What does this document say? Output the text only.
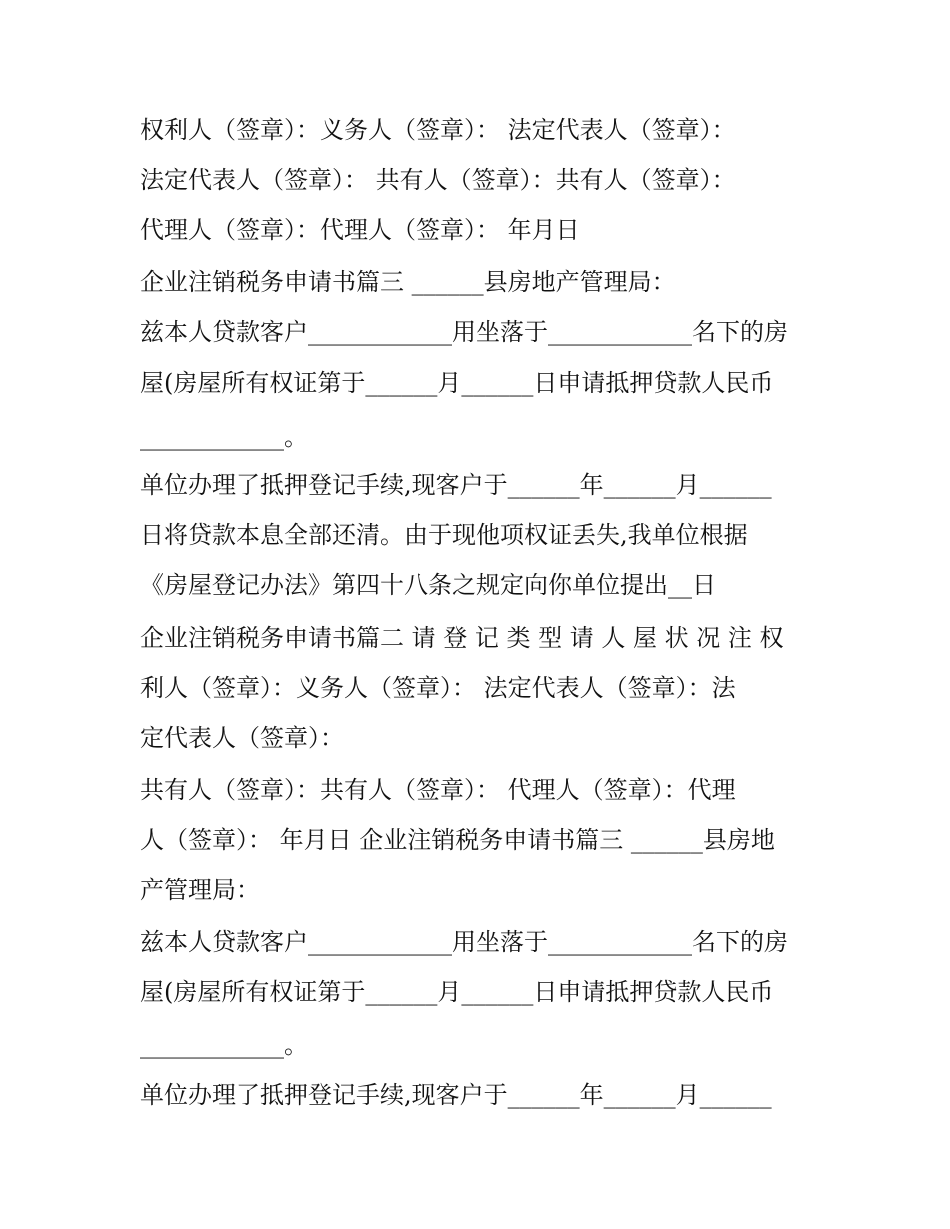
权利人（签章）：义务人（签章）： 法定代表人（签章）：
法定代表人（签章）： 共有人（签章）：共有人（签章）：
代理人（签章）：代理人（签章）： 年月日
企业注销税务申请书篇三 ______县房地产管理局：
兹本人贷款客户____________用坐落于____________名下的房
屋(房屋所有权证第于______月______日申请抵押贷款人民币
____________。
单位办理了抵押登记手续,现客户于______年______月______
日将贷款本息全部还清。由于现他项权证丢失,我单位根据
《房屋登记办法》第四十八条之规定向你单位提出__日
企业注销税务申请书篇二 请 登 记 类 型 请 人 屋 状 况 注 权
利人（签章）：义务人（签章）： 法定代表人（签章）：法
定代表人（签章）：
共有人（签章）：共有人（签章）： 代理人（签章）：代理
人（签章）： 年月日 企业注销税务申请书篇三 ______县房地
产管理局：
兹本人贷款客户____________用坐落于____________名下的房
屋(房屋所有权证第于______月______日申请抵押贷款人民币
____________。
单位办理了抵押登记手续,现客户于______年______月______
